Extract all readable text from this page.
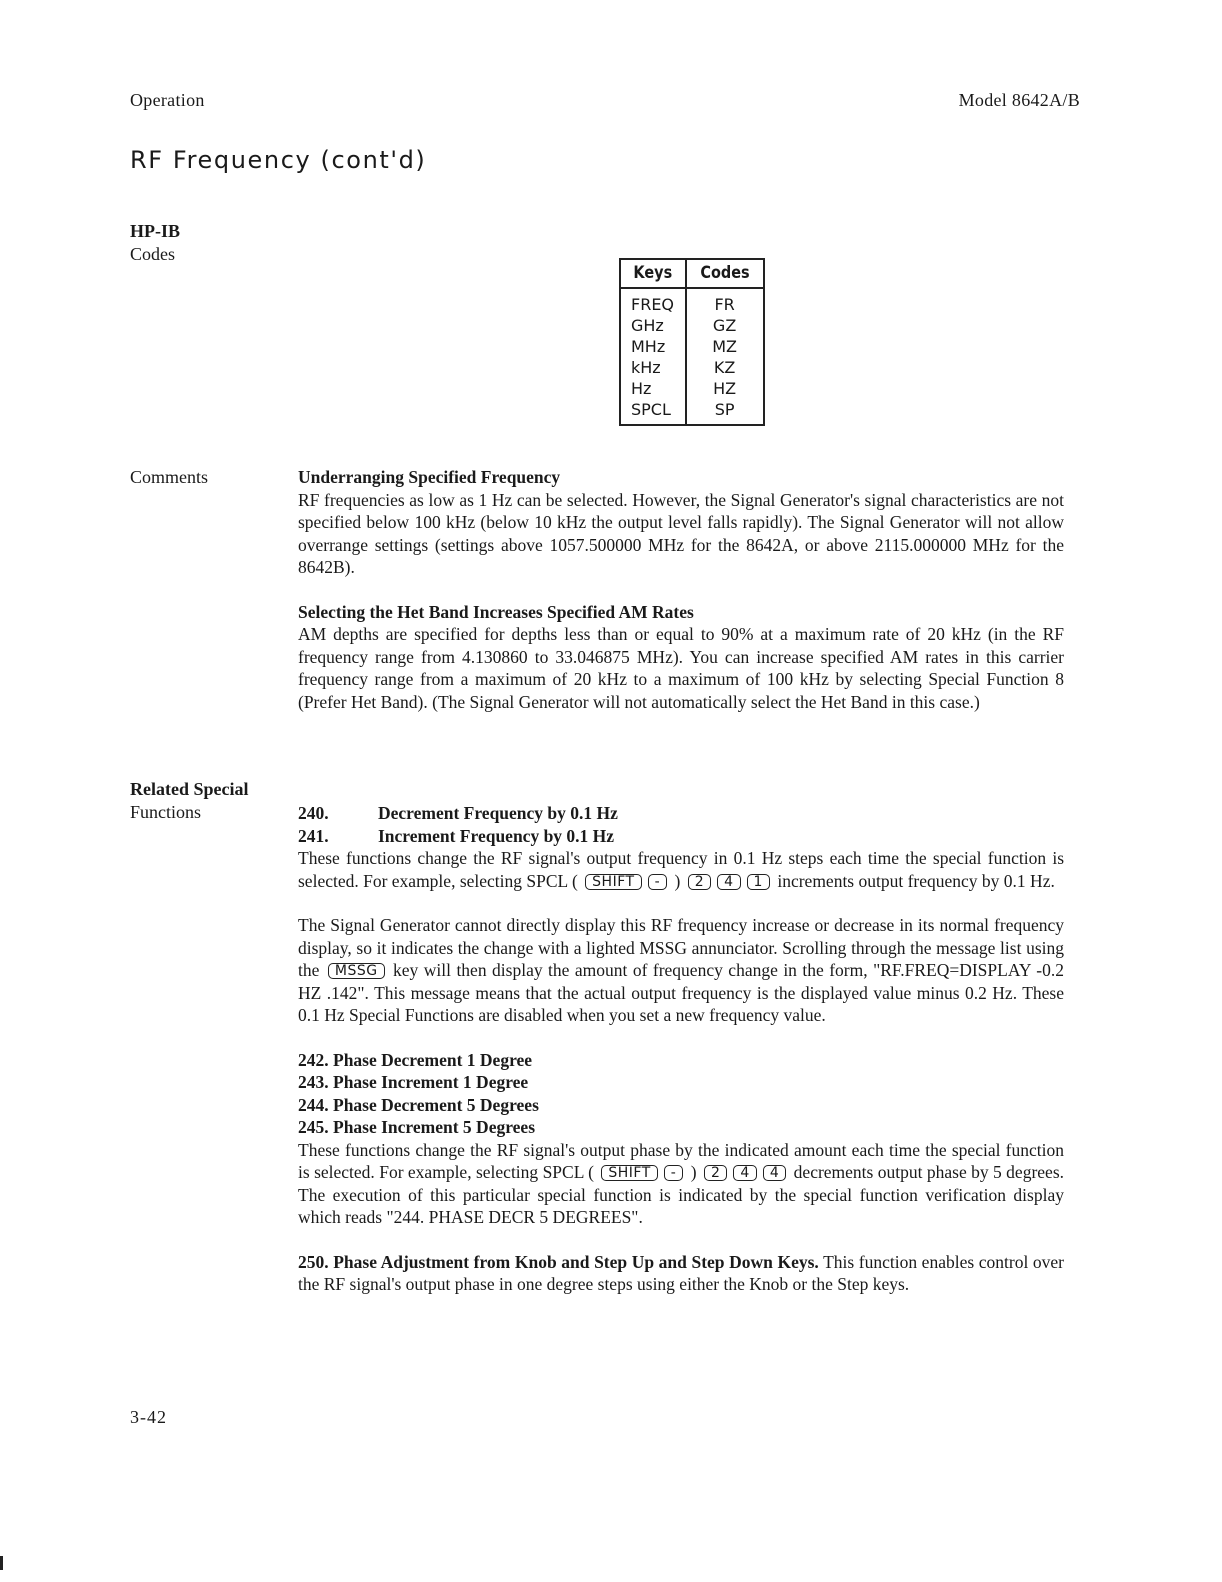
Operation	Model 8642A/B
RF Frequency (cont'd)
HP-IB
Codes
Keys	Codes
FREQ	FR
GHz	GZ
MHz	MZ
kHz	KZ
Hz	HZ
SPCL	SP
Comments	Underranging Specified Frequency

RF frequencies as low as 1 Hz can be selected. However, the Signal Generator's signal characteristics are not specified below 100 kHz (below 10 kHz the output level falls rapidly). The Signal Generator will not allow overrange settings (settings above 1057.500000 MHz for the 8642A, or above 2115.000000 MHz for the 8642B).

Selecting the Het Band Increases Specified AM Rates

AM depths are specified for depths less than or equal to 90% at a maximum rate of 20 kHz (in the RF frequency range from 4.130860 to 33.046875 MHz). You can increase specified AM rates in this carrier frequency range from a maximum of 20 kHz to a maximum of 100 kHz by selecting Special Function 8 (Prefer Het Band). (The Signal Generator will not automatically select the Het Band in this case.)

Related Special
Functions	240.	Decrement Frequency by 0.1 Hz
241.	Increment Frequency by 0.1 Hz

These functions change the RF signal's output frequency in 0.1 Hz steps each time the special function is selected. For example, selecting SPCL ( SHIFT - ) 2 4 1 increments output frequency by 0.1 Hz.

The Signal Generator cannot directly display this RF frequency increase or decrease in its normal frequency display, so it indicates the change with a lighted MSSG annunciator. Scrolling through the message list using the MSSG key will then display the amount of frequency change in the form, "RF.FREQ=DISPLAY -0.2 HZ .142". This message means that the actual output frequency is the displayed value minus 0.2 Hz. These 0.1 Hz Special Functions are disabled when you set a new frequency value.

242. Phase Decrement 1 Degree
243. Phase Increment 1 Degree
244. Phase Decrement 5 Degrees
245. Phase Increment 5 Degrees

These functions change the RF signal's output phase by the indicated amount each time the special function is selected. For example, selecting SPCL ( SHIFT - ) 2 4 4 decrements output phase by 5 degrees. The execution of this particular special function is indicated by the special function verification display which reads "244. PHASE DECR 5 DEGREES".

250. Phase Adjustment from Knob and Step Up and Step Down Keys. This function enables control over the RF signal's output phase in one degree steps using either the Knob or the Step keys.

3-42
